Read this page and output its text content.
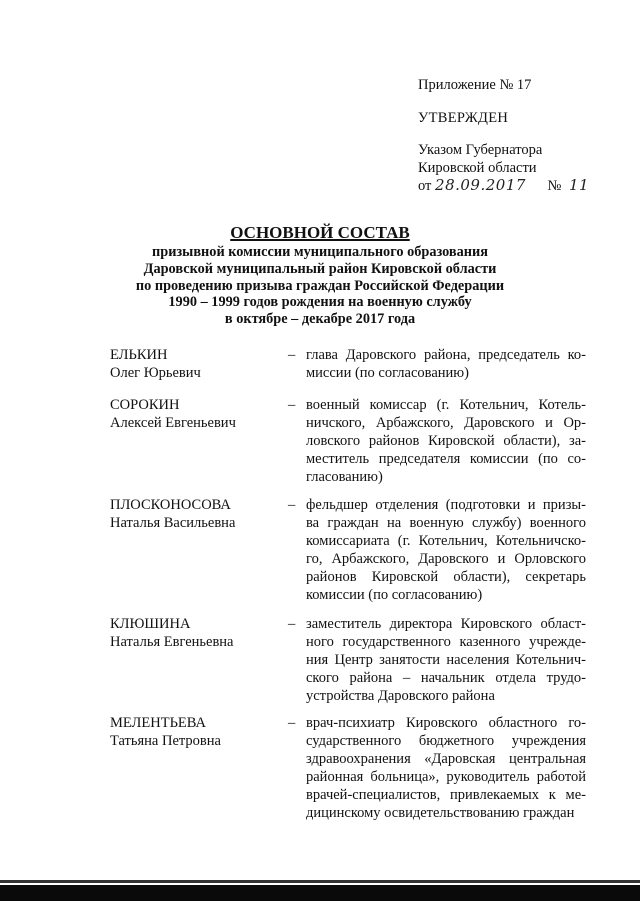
Приложение № 17
УТВЕРЖДЕН
Указом Губернатора
Кировской области
от 28.09.2017 № 11
ОСНОВНОЙ СОСТАВ
призывной комиссии муниципального образования
Даровской муниципальный район Кировской области
по проведению призыва граждан Российской Федерации
1990 – 1999 годов рождения на военную службу
в октябре – декабре 2017 года
ЕЛЬКИН
Олег Юрьевич
– глава Даровского района, председатель ко-
миссии (по согласованию)
СОРОКИН
Алексей Евгеньевич
– военный комиссар (г. Котельнич, Котель-
ничского, Арбажского, Даровского и Ор-
ловского районов Кировской области), за-
меститель председателя комиссии (по со-
гласованию)
ПЛОСКОНОСОВА
Наталья Васильевна
– фельдшер отделения (подготовки и призы-
ва граждан на военную службу) военного
комиссариата (г. Котельнич, Котельничско-
го, Арбажского, Даровского и Орловского
районов Кировской области), секретарь
комиссии (по согласованию)
КЛЮШИНА
Наталья Евгеньевна
– заместитель директора Кировского област-
ного государственного казенного учрежде-
ния Центр занятости населения Котельнич-
ского района – начальник отдела трудо-
устройства Даровского района
МЕЛЕНТЬЕВА
Татьяна Петровна
– врач-психиатр Кировского областного го-
сударственного бюджетного учреждения
здравоохранения «Даровская центральная
районная больница», руководитель работой
врачей-специалистов, привлекаемых к ме-
дицинскому освидетельствованию граждан
